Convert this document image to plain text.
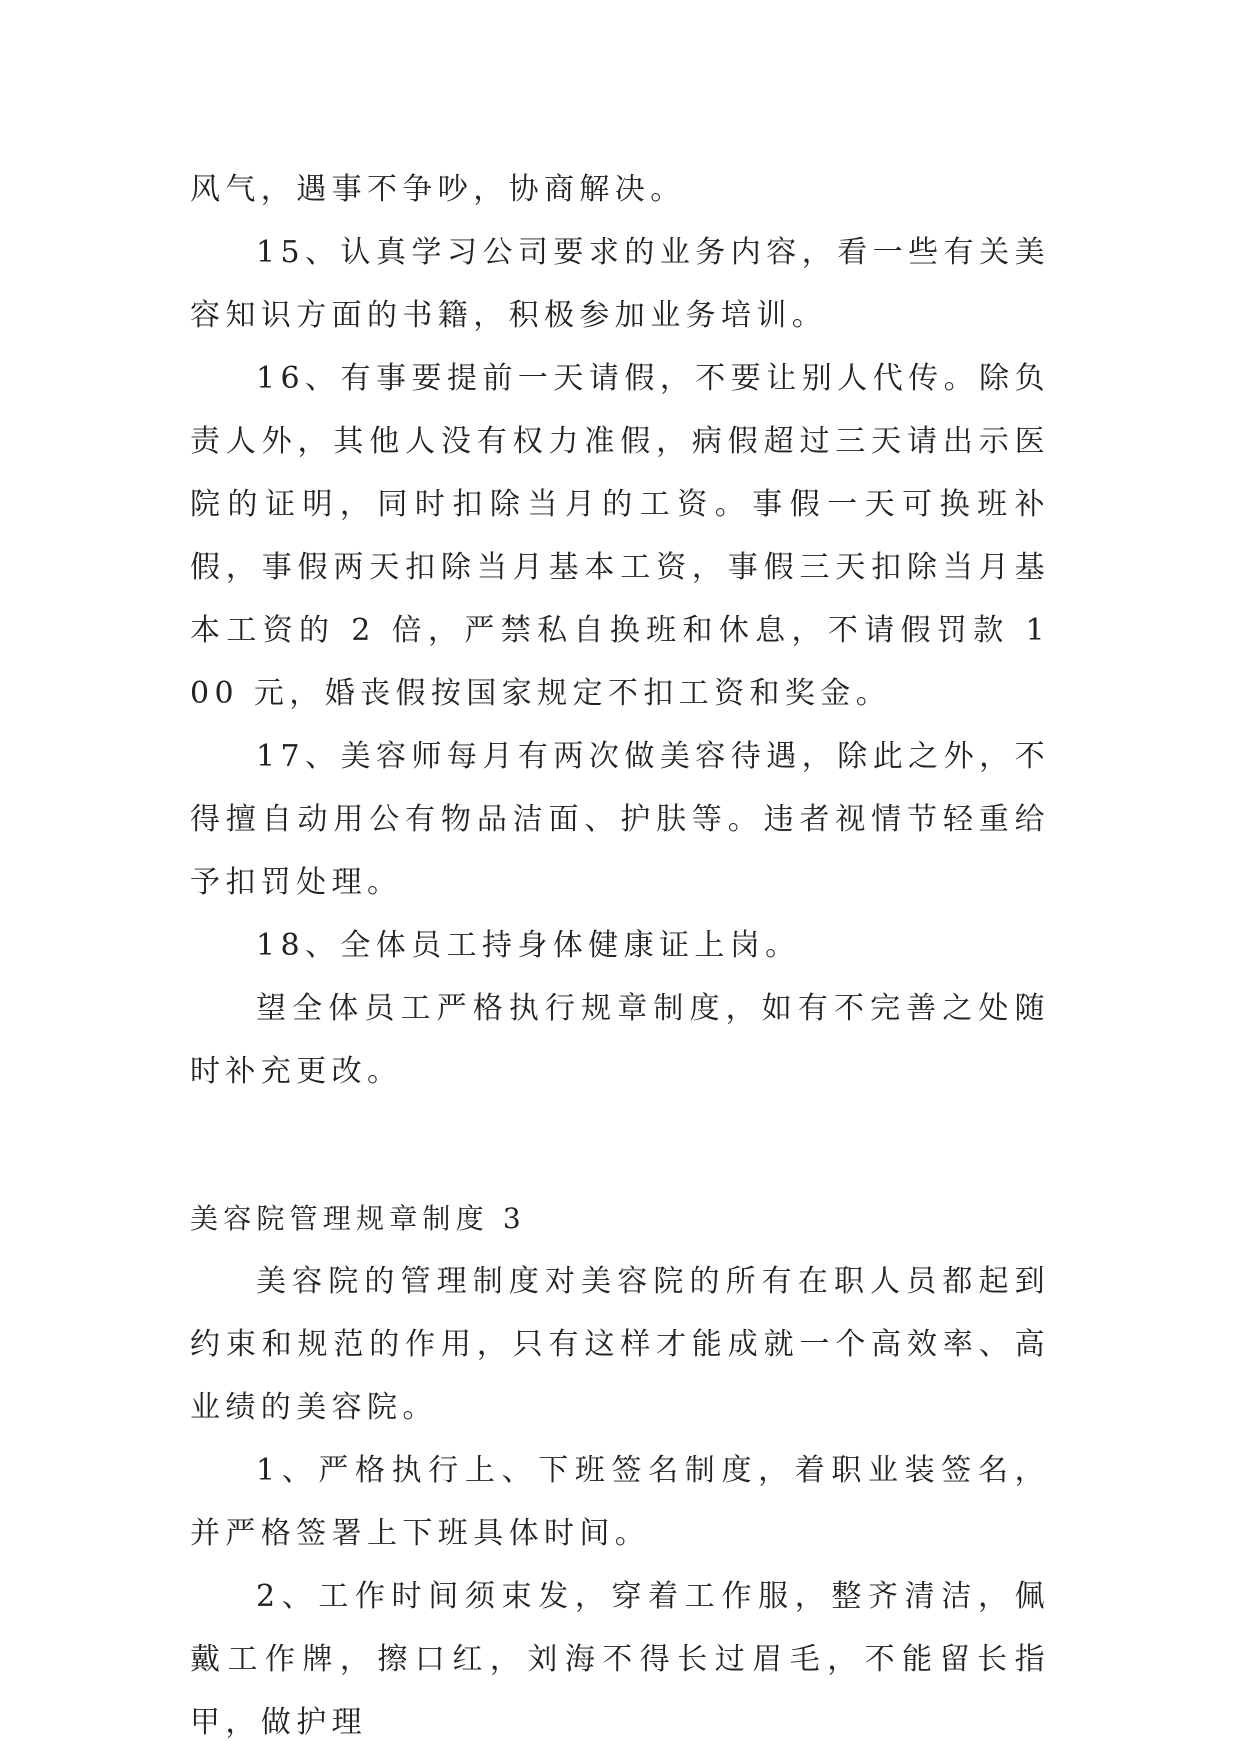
风气，遇事不争吵，协商解决。

15、认真学习公司要求的业务内容，看一些有关美容知识方面的书籍，积极参加业务培训。

16、有事要提前一天请假，不要让别人代传。除负责人外，其他人没有权力准假，病假超过三天请出示医院的证明，同时扣除当月的工资。事假一天可换班补假，事假两天扣除当月基本工资，事假三天扣除当月基本工资的 2 倍，严禁私自换班和休息，不请假罚款 100 元，婚丧假按国家规定不扣工资和奖金。

17、美容师每月有两次做美容待遇，除此之外，不得擅自动用公有物品洁面、护肤等。违者视情节轻重给予扣罚处理。

18、全体员工持身体健康证上岗。

望全体员工严格执行规章制度，如有不完善之处随时补充更改。

美容院管理规章制度 3

美容院的管理制度对美容院的所有在职人员都起到约束和规范的作用，只有这样才能成就一个高效率、高业绩的美容院。

1、严格执行上、下班签名制度，着职业装签名，并严格签署上下班具体时间。

2、工作时间须束发，穿着工作服，整齐清洁，佩戴工作牌，擦口红，刘海不得长过眉毛，不能留长指甲，做护理
